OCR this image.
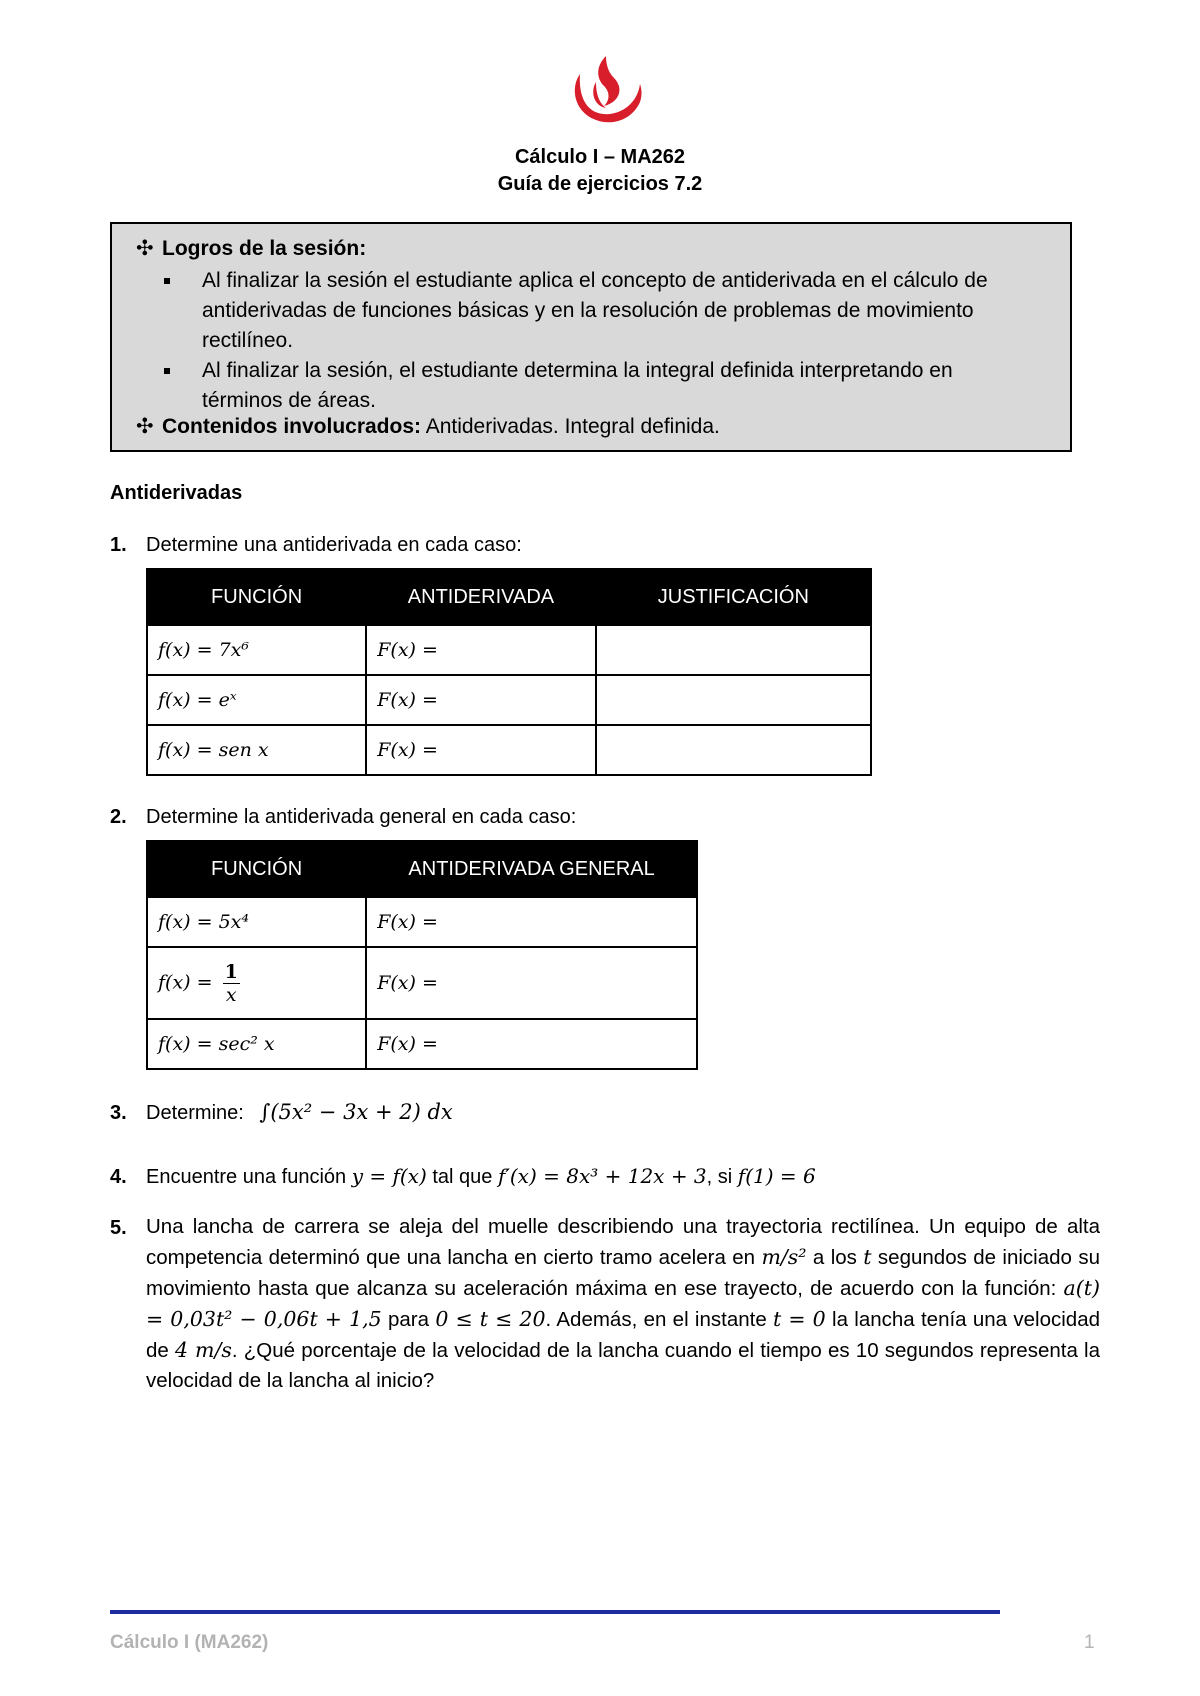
Cálculo I – MA262
Guía de ejercicios 7.2
✣ Logros de la sesión:
Al finalizar la sesión el estudiante aplica el concepto de antiderivada en el cálculo de antiderivadas de funciones básicas y en la resolución de problemas de movimiento rectilíneo.
Al finalizar la sesión, el estudiante determina la integral definida interpretando en términos de áreas.
✣ Contenidos involucrados: Antiderivadas. Integral definida.
Antiderivadas
1. Determine una antiderivada en cada caso:
FUNCIÓN	ANTIDERIVADA	JUSTIFICACIÓN
f(x) = 7x⁶	F(x) =	
f(x) = eˣ	F(x) =	
f(x) = sen x	F(x) =	
2. Determine la antiderivada general en cada caso:
FUNCIÓN	ANTIDERIVADA GENERAL
f(x) = 5x⁴	F(x) =
$f(x) = \frac{1}{x}$	F(x) =
f(x) = sec² x	F(x) =
3. Determine: ∫(5x² − 3x + 2) dx
4. Encuentre una función y = f(x) tal que f′(x) = 8x³ + 12x + 3, si f(1) = 6
5. Una lancha de carrera se aleja del muelle describiendo una trayectoria rectilínea. Un equipo de alta competencia determinó que una lancha en cierto tramo acelera en m/s² a los t segundos de iniciado su movimiento hasta que alcanza su aceleración máxima en ese trayecto, de acuerdo con la función: a(t) = 0,03t² − 0,06t + 1,5 para 0 ≤ t ≤ 20. Además, en el instante t = 0 la lancha tenía una velocidad de 4 m/s. ¿Qué porcentaje de la velocidad de la lancha cuando el tiempo es 10 segundos representa la velocidad de la lancha al inicio?
Cálculo I (MA262)	1
